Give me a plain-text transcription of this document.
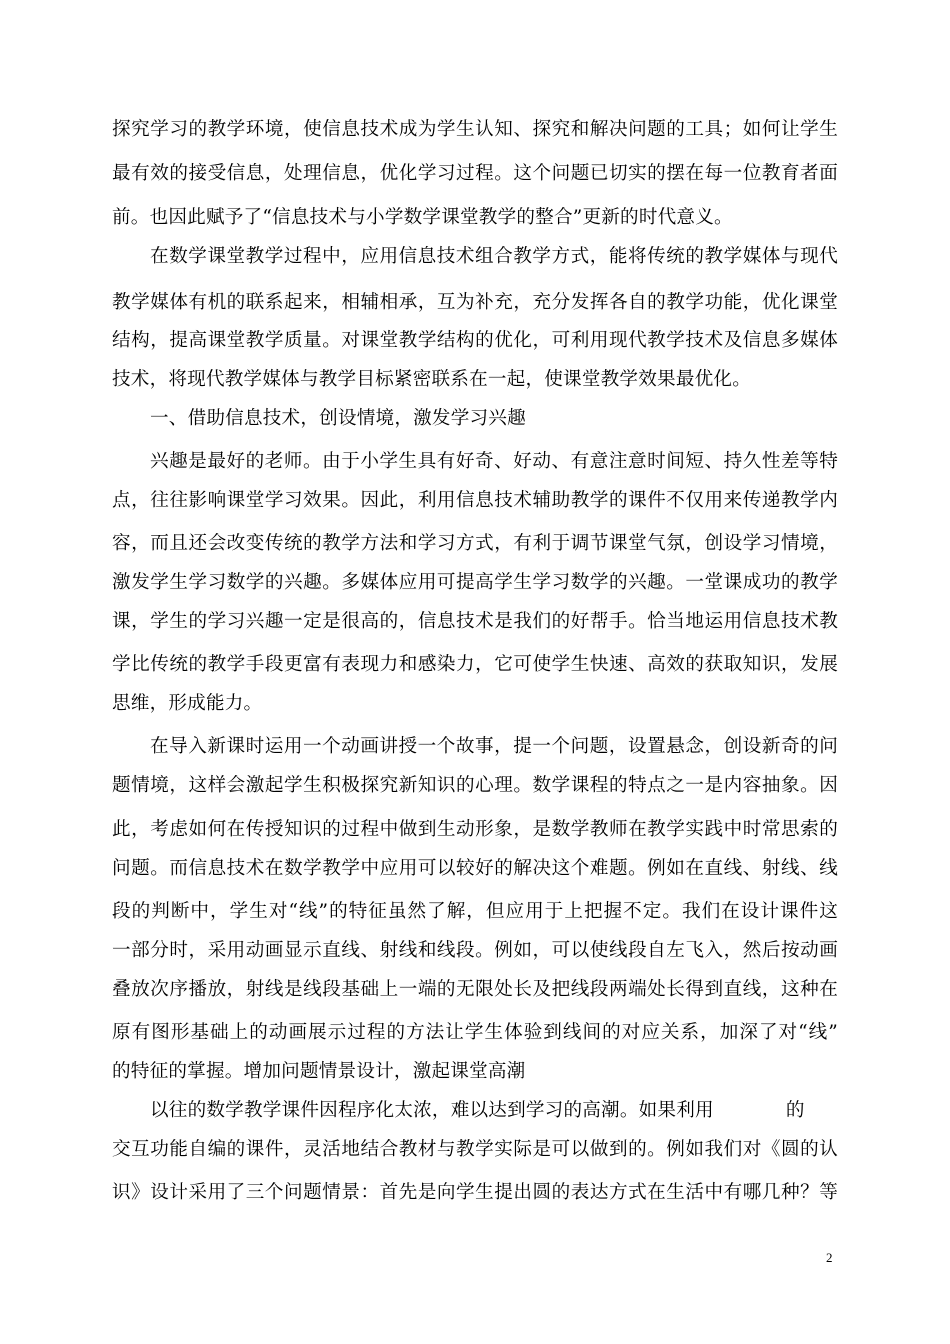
探究学习的教学环境，使信息技术成为学生认知、探究和解决问题的工具；如何让学生
最有效的接受信息，处理信息，优化学习过程。这个问题已切实的摆在每一位教育者面
前。也因此赋予了“信息技术与小学数学课堂教学的整合”更新的时代意义。
在数学课堂教学过程中，应用信息技术组合教学方式，能将传统的教学媒体与现代
教学媒体有机的联系起来，相辅相承，互为补充，充分发挥各自的教学功能，优化课堂
结构，提高课堂教学质量。对课堂教学结构的优化，可利用现代教学技术及信息多媒体
技术，将现代教学媒体与教学目标紧密联系在一起，使课堂教学效果最优化。
一、借助信息技术，创设情境，激发学习兴趣
兴趣是最好的老师。由于小学生具有好奇、好动、有意注意时间短、持久性差等特
点，往往影响课堂学习效果。因此，利用信息技术辅助教学的课件不仅用来传递教学内
容，而且还会改变传统的教学方法和学习方式，有利于调节课堂气氛，创设学习情境，
激发学生学习数学的兴趣。多媒体应用可提高学生学习数学的兴趣。一堂课成功的教学
课，学生的学习兴趣一定是很高的，信息技术是我们的好帮手。恰当地运用信息技术教
学比传统的教学手段更富有表现力和感染力，它可使学生快速、高效的获取知识，发展
思维，形成能力。
在导入新课时运用一个动画讲授一个故事，提一个问题，设置悬念，创设新奇的问
题情境，这样会激起学生积极探究新知识的心理。数学课程的特点之一是内容抽象。因
此，考虑如何在传授知识的过程中做到生动形象，是数学教师在教学实践中时常思索的
问题。而信息技术在数学教学中应用可以较好的解决这个难题。例如在直线、射线、线
段的判断中，学生对“线”的特征虽然了解，但应用于上把握不定。我们在设计课件这
一部分时，采用动画显示直线、射线和线段。例如，可以使线段自左飞入，然后按动画
叠放次序播放，射线是线段基础上一端的无限处长及把线段两端处长得到直线，这种在
原有图形基础上的动画展示过程的方法让学生体验到线间的对应关系，加深了对“线”
的特征的掌握。增加问题情景设计，激起课堂高潮
以往的数学教学课件因程序化太浓，难以达到学习的高潮。如果利用	的
交互功能自编的课件，灵活地结合教材与教学实际是可以做到的。例如我们对《圆的认
识》设计采用了三个问题情景：首先是向学生提出圆的表达方式在生活中有哪几种？等
2
